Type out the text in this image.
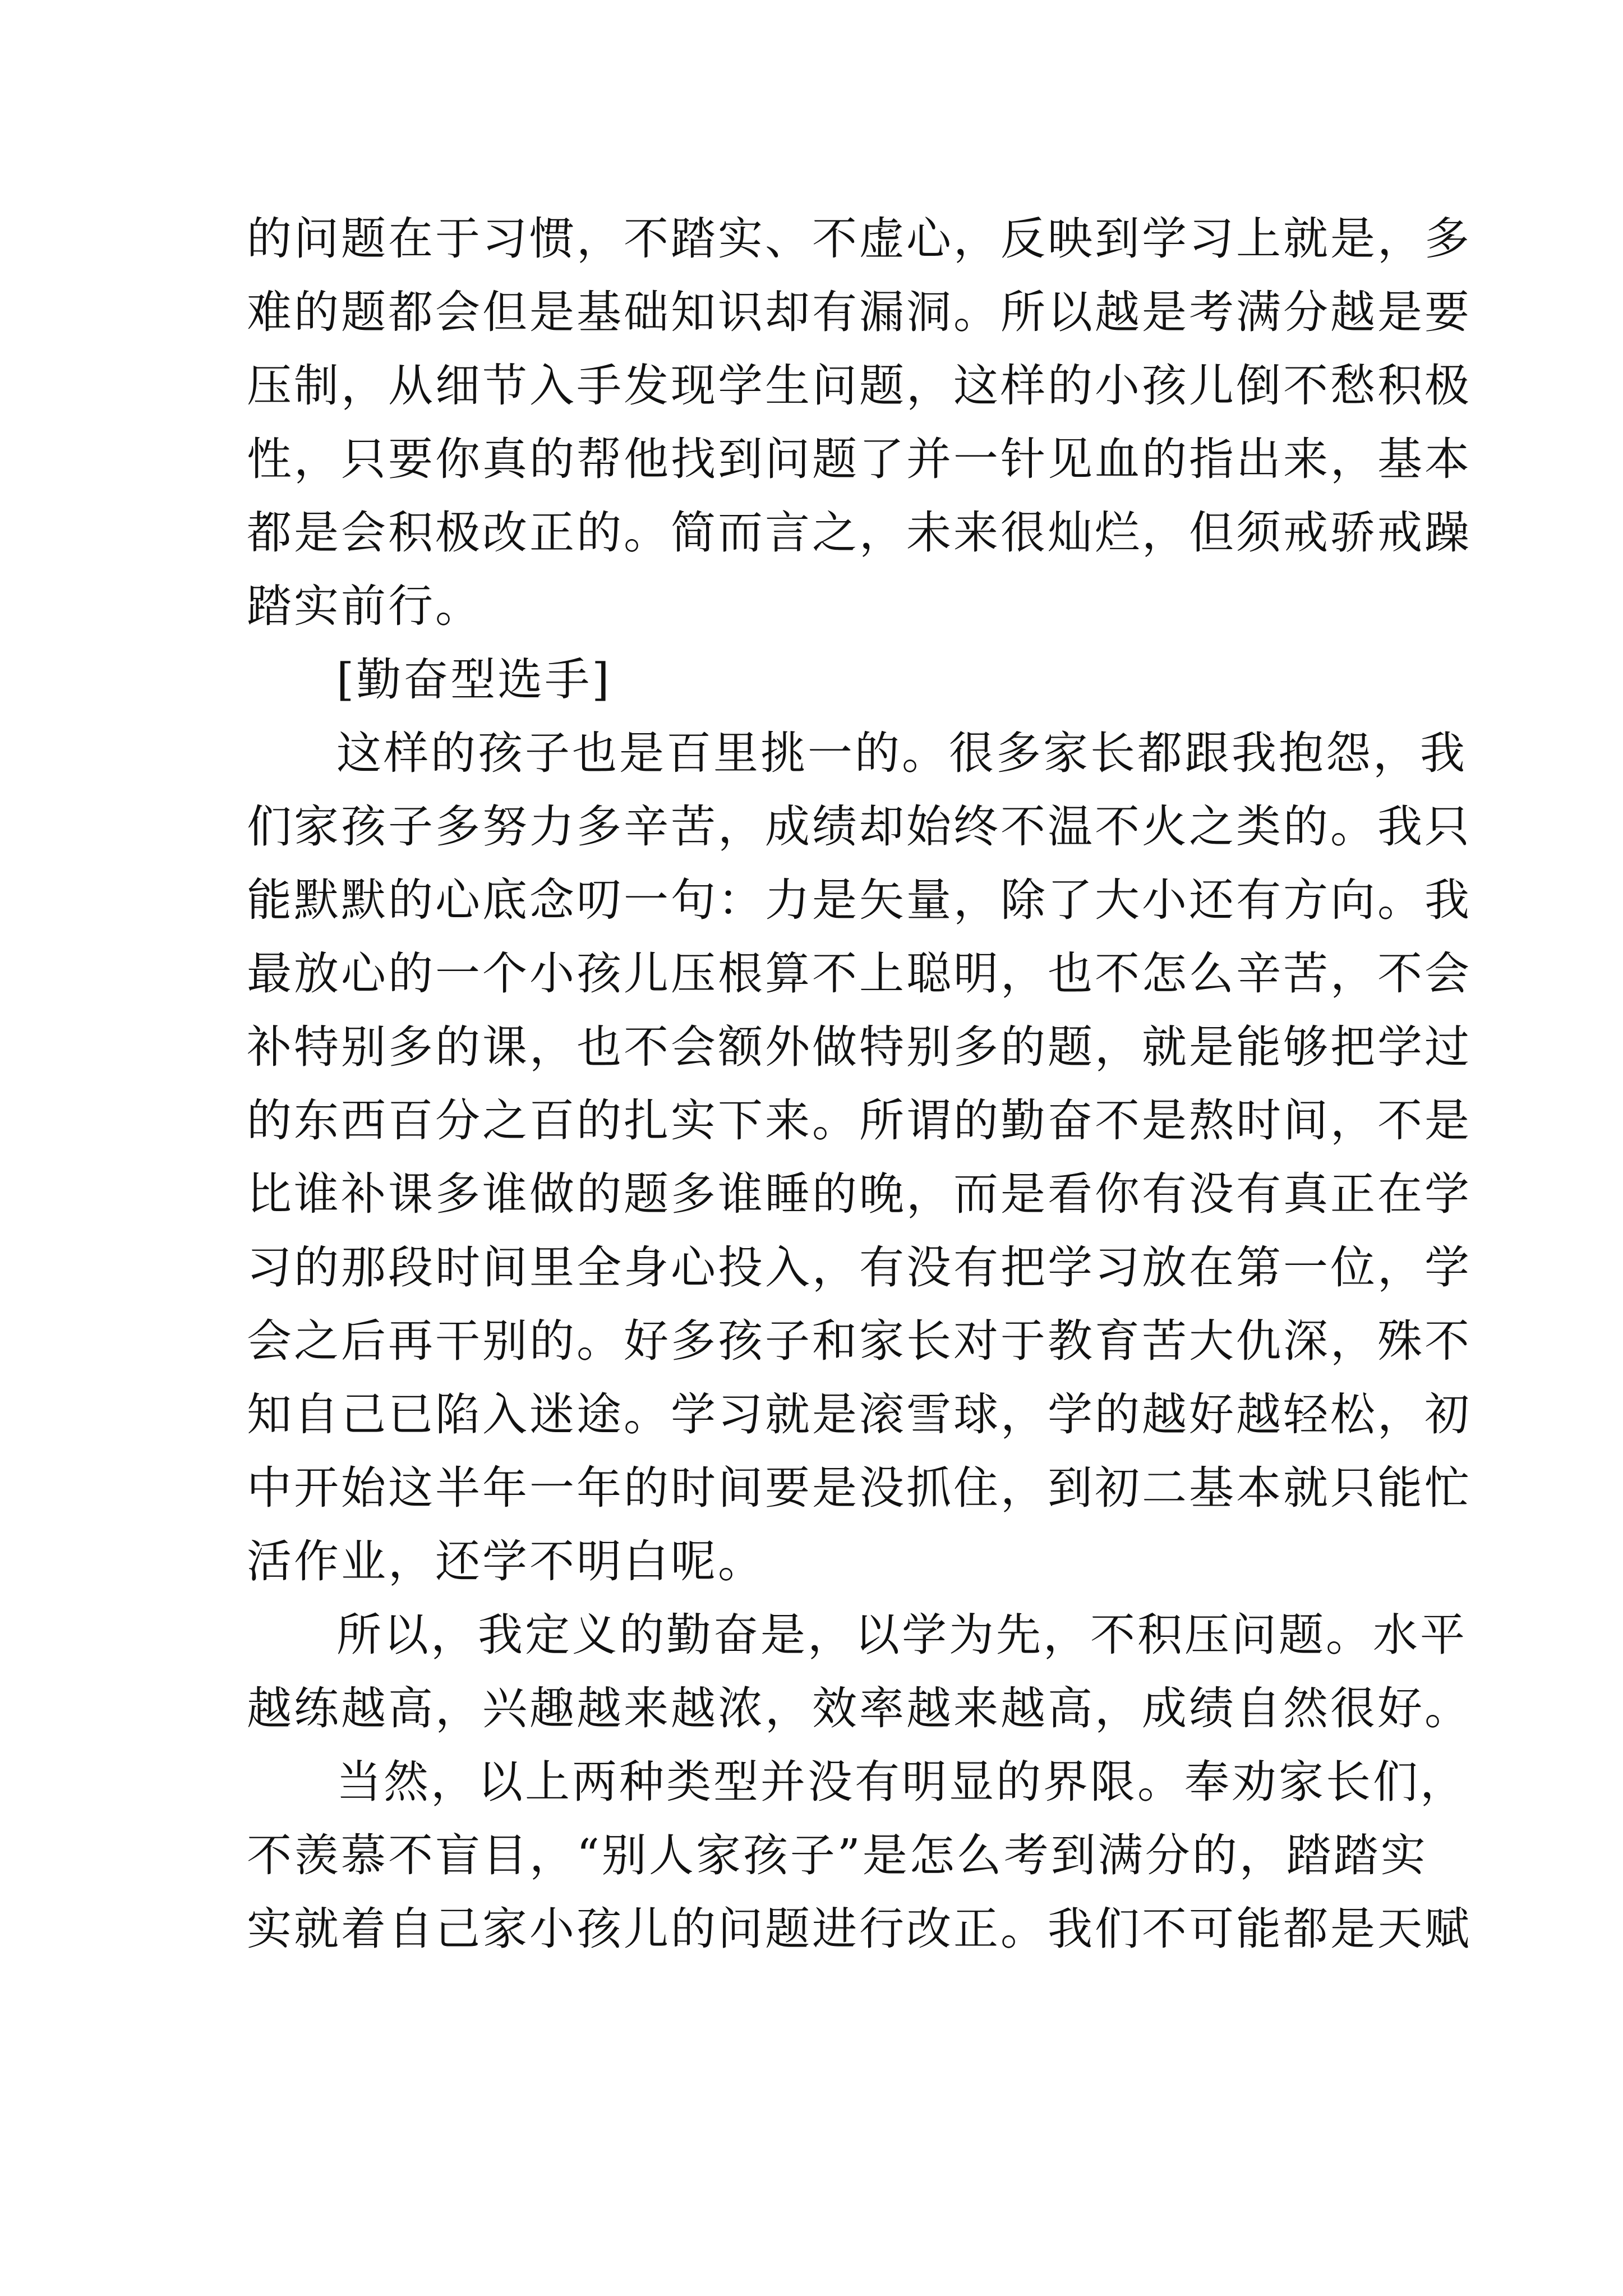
的问题在于习惯，不踏实、不虚心，反映到学习上就是，多
难的题都会但是基础知识却有漏洞。所以越是考满分越是要
压制，从细节入手发现学生问题，这样的小孩儿倒不愁积极
性，只要你真的帮他找到问题了并一针见血的指出来，基本
都是会积极改正的。简而言之，未来很灿烂，但须戒骄戒躁
踏实前行。
[勤奋型选手]
这样的孩子也是百里挑一的。很多家长都跟我抱怨，我
们家孩子多努力多辛苦，成绩却始终不温不火之类的。我只
能默默的心底念叨一句：力是矢量，除了大小还有方向。我
最放心的一个小孩儿压根算不上聪明，也不怎么辛苦，不会
补特别多的课，也不会额外做特别多的题，就是能够把学过
的东西百分之百的扎实下来。所谓的勤奋不是熬时间，不是
比谁补课多谁做的题多谁睡的晚，而是看你有没有真正在学
习的那段时间里全身心投入，有没有把学习放在第一位，学
会之后再干别的。好多孩子和家长对于教育苦大仇深，殊不
知自己已陷入迷途。学习就是滚雪球，学的越好越轻松，初
中开始这半年一年的时间要是没抓住，到初二基本就只能忙
活作业，还学不明白呢。
所以，我定义的勤奋是，以学为先，不积压问题。水平
越练越高，兴趣越来越浓，效率越来越高，成绩自然很好。
当然，以上两种类型并没有明显的界限。奉劝家长们，
不羡慕不盲目，“别人家孩子”是怎么考到满分的，踏踏实
实就着自己家小孩儿的问题进行改正。我们不可能都是天赋
